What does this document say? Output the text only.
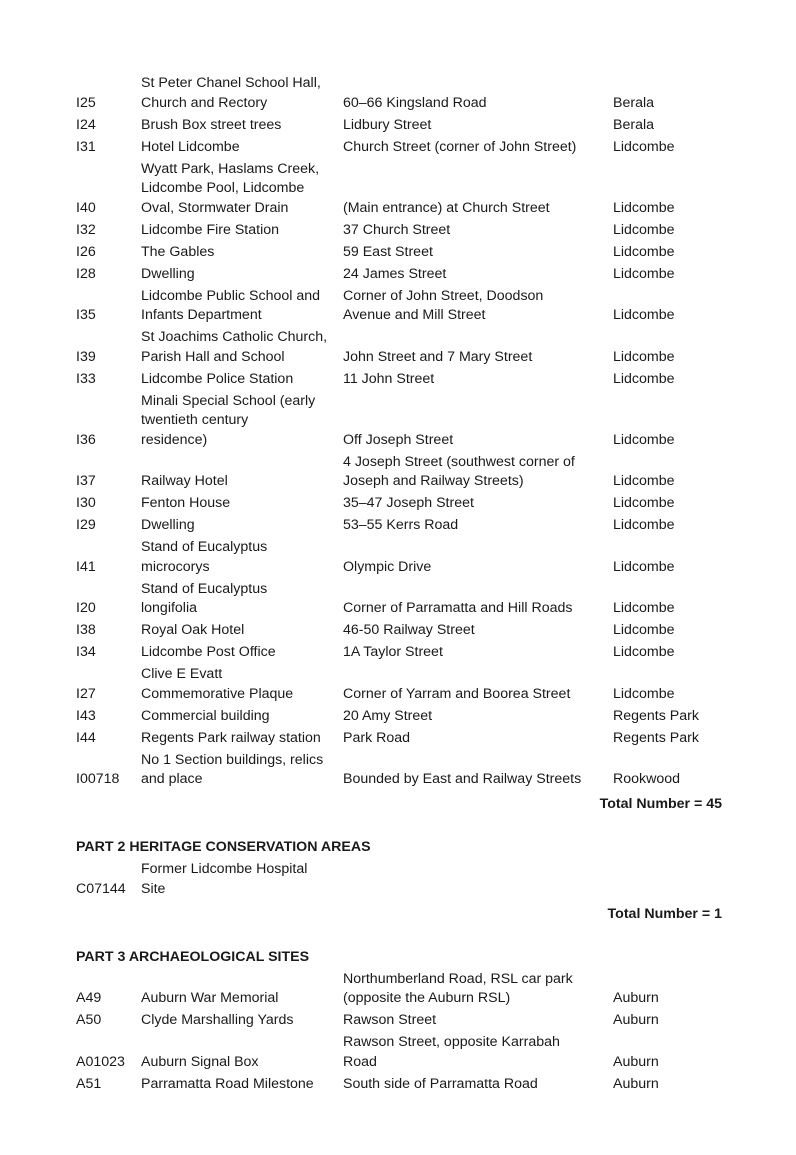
I25	St Peter Chanel School Hall,
Church and Rectory	60–66 Kingsland Road	Berala
I24	Brush Box street trees	Lidbury Street	Berala
I31	Hotel Lidcombe	Church Street (corner of John Street)	Lidcombe
I40	Wyatt Park, Haslams Creek,
Lidcombe Pool, Lidcombe
Oval, Stormwater Drain	(Main entrance) at Church Street	Lidcombe
I32	Lidcombe Fire Station	37 Church Street	Lidcombe
I26	The Gables	59 East Street	Lidcombe
I28	Dwelling	24 James Street	Lidcombe
I35	Lidcombe Public School and
Infants Department	Corner of John Street, Doodson
Avenue and Mill Street	Lidcombe
I39	St Joachims Catholic Church,
Parish Hall and School	John Street and 7 Mary Street	Lidcombe
I33	Lidcombe Police Station	11 John Street	Lidcombe
I36	Minali Special School (early
twentieth century
residence)	Off Joseph Street	Lidcombe
I37	Railway Hotel	4 Joseph Street (southwest corner of
Joseph and Railway Streets)	Lidcombe
I30	Fenton House	35–47 Joseph Street	Lidcombe
I29	Dwelling	53–55 Kerrs Road	Lidcombe
I41	Stand of Eucalyptus
microcorys	Olympic Drive	Lidcombe
I20	Stand of Eucalyptus
longifolia	Corner of Parramatta and Hill Roads	Lidcombe
I38	Royal Oak Hotel	46-50 Railway Street	Lidcombe
I34	Lidcombe Post Office	1A Taylor Street	Lidcombe
I27	Clive E Evatt
Commemorative Plaque	Corner of Yarram and Boorea Street	Lidcombe
I43	Commercial building	20 Amy Street	Regents Park
I44	Regents Park railway station	Park Road	Regents Park
I00718	No 1 Section buildings, relics
and place	Bounded by East and Railway Streets	Rookwood
Total Number = 45
PART 2 HERITAGE CONSERVATION AREAS
C07144	Former Lidcombe Hospital
Site		
Total Number = 1
PART 3 ARCHAEOLOGICAL SITES
A49	Auburn War Memorial	Northumberland Road, RSL car park
(opposite the Auburn RSL)	Auburn
A50	Clyde Marshalling Yards	Rawson Street	Auburn
A01023	Auburn Signal Box	Rawson Street, opposite Karrabah
Road	Auburn
A51	Parramatta Road Milestone	South side of Parramatta Road	Auburn
